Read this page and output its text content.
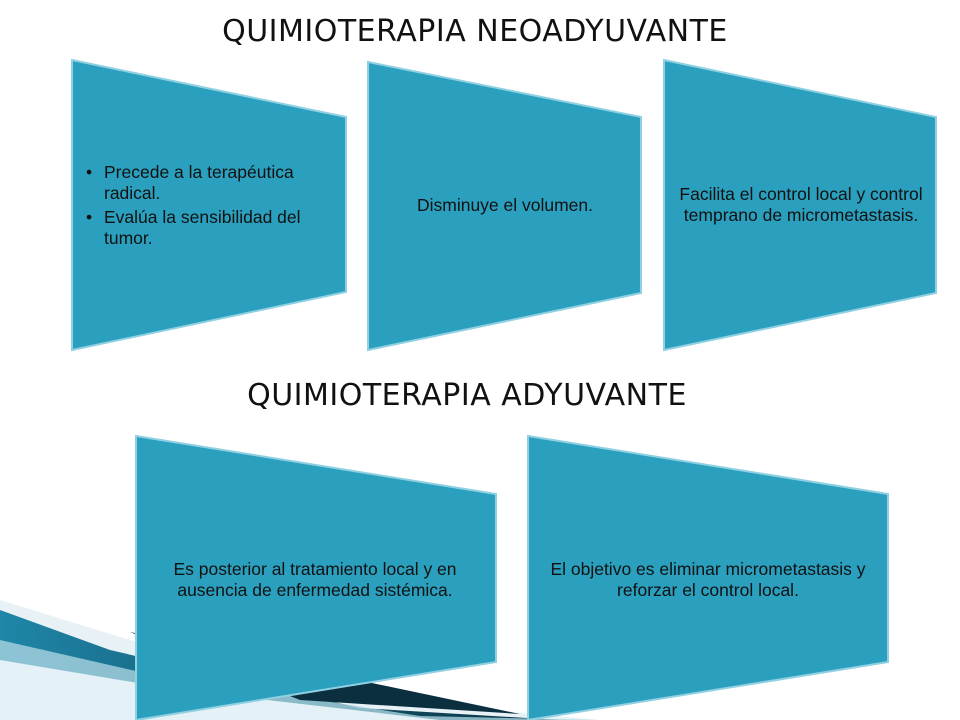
QUIMIOTERAPIA NEOADYUVANTE
QUIMIOTERAPIA ADYUVANTE
• Precede a la terapéutica radical.
• Evalúa la sensibilidad del tumor.
Disminuye el volumen.
Facilita el control local y control temprano de micrometastasis.
Es posterior al tratamiento local y en ausencia de enfermedad sistémica.
El objetivo es eliminar micrometastasis y reforzar el control local.
